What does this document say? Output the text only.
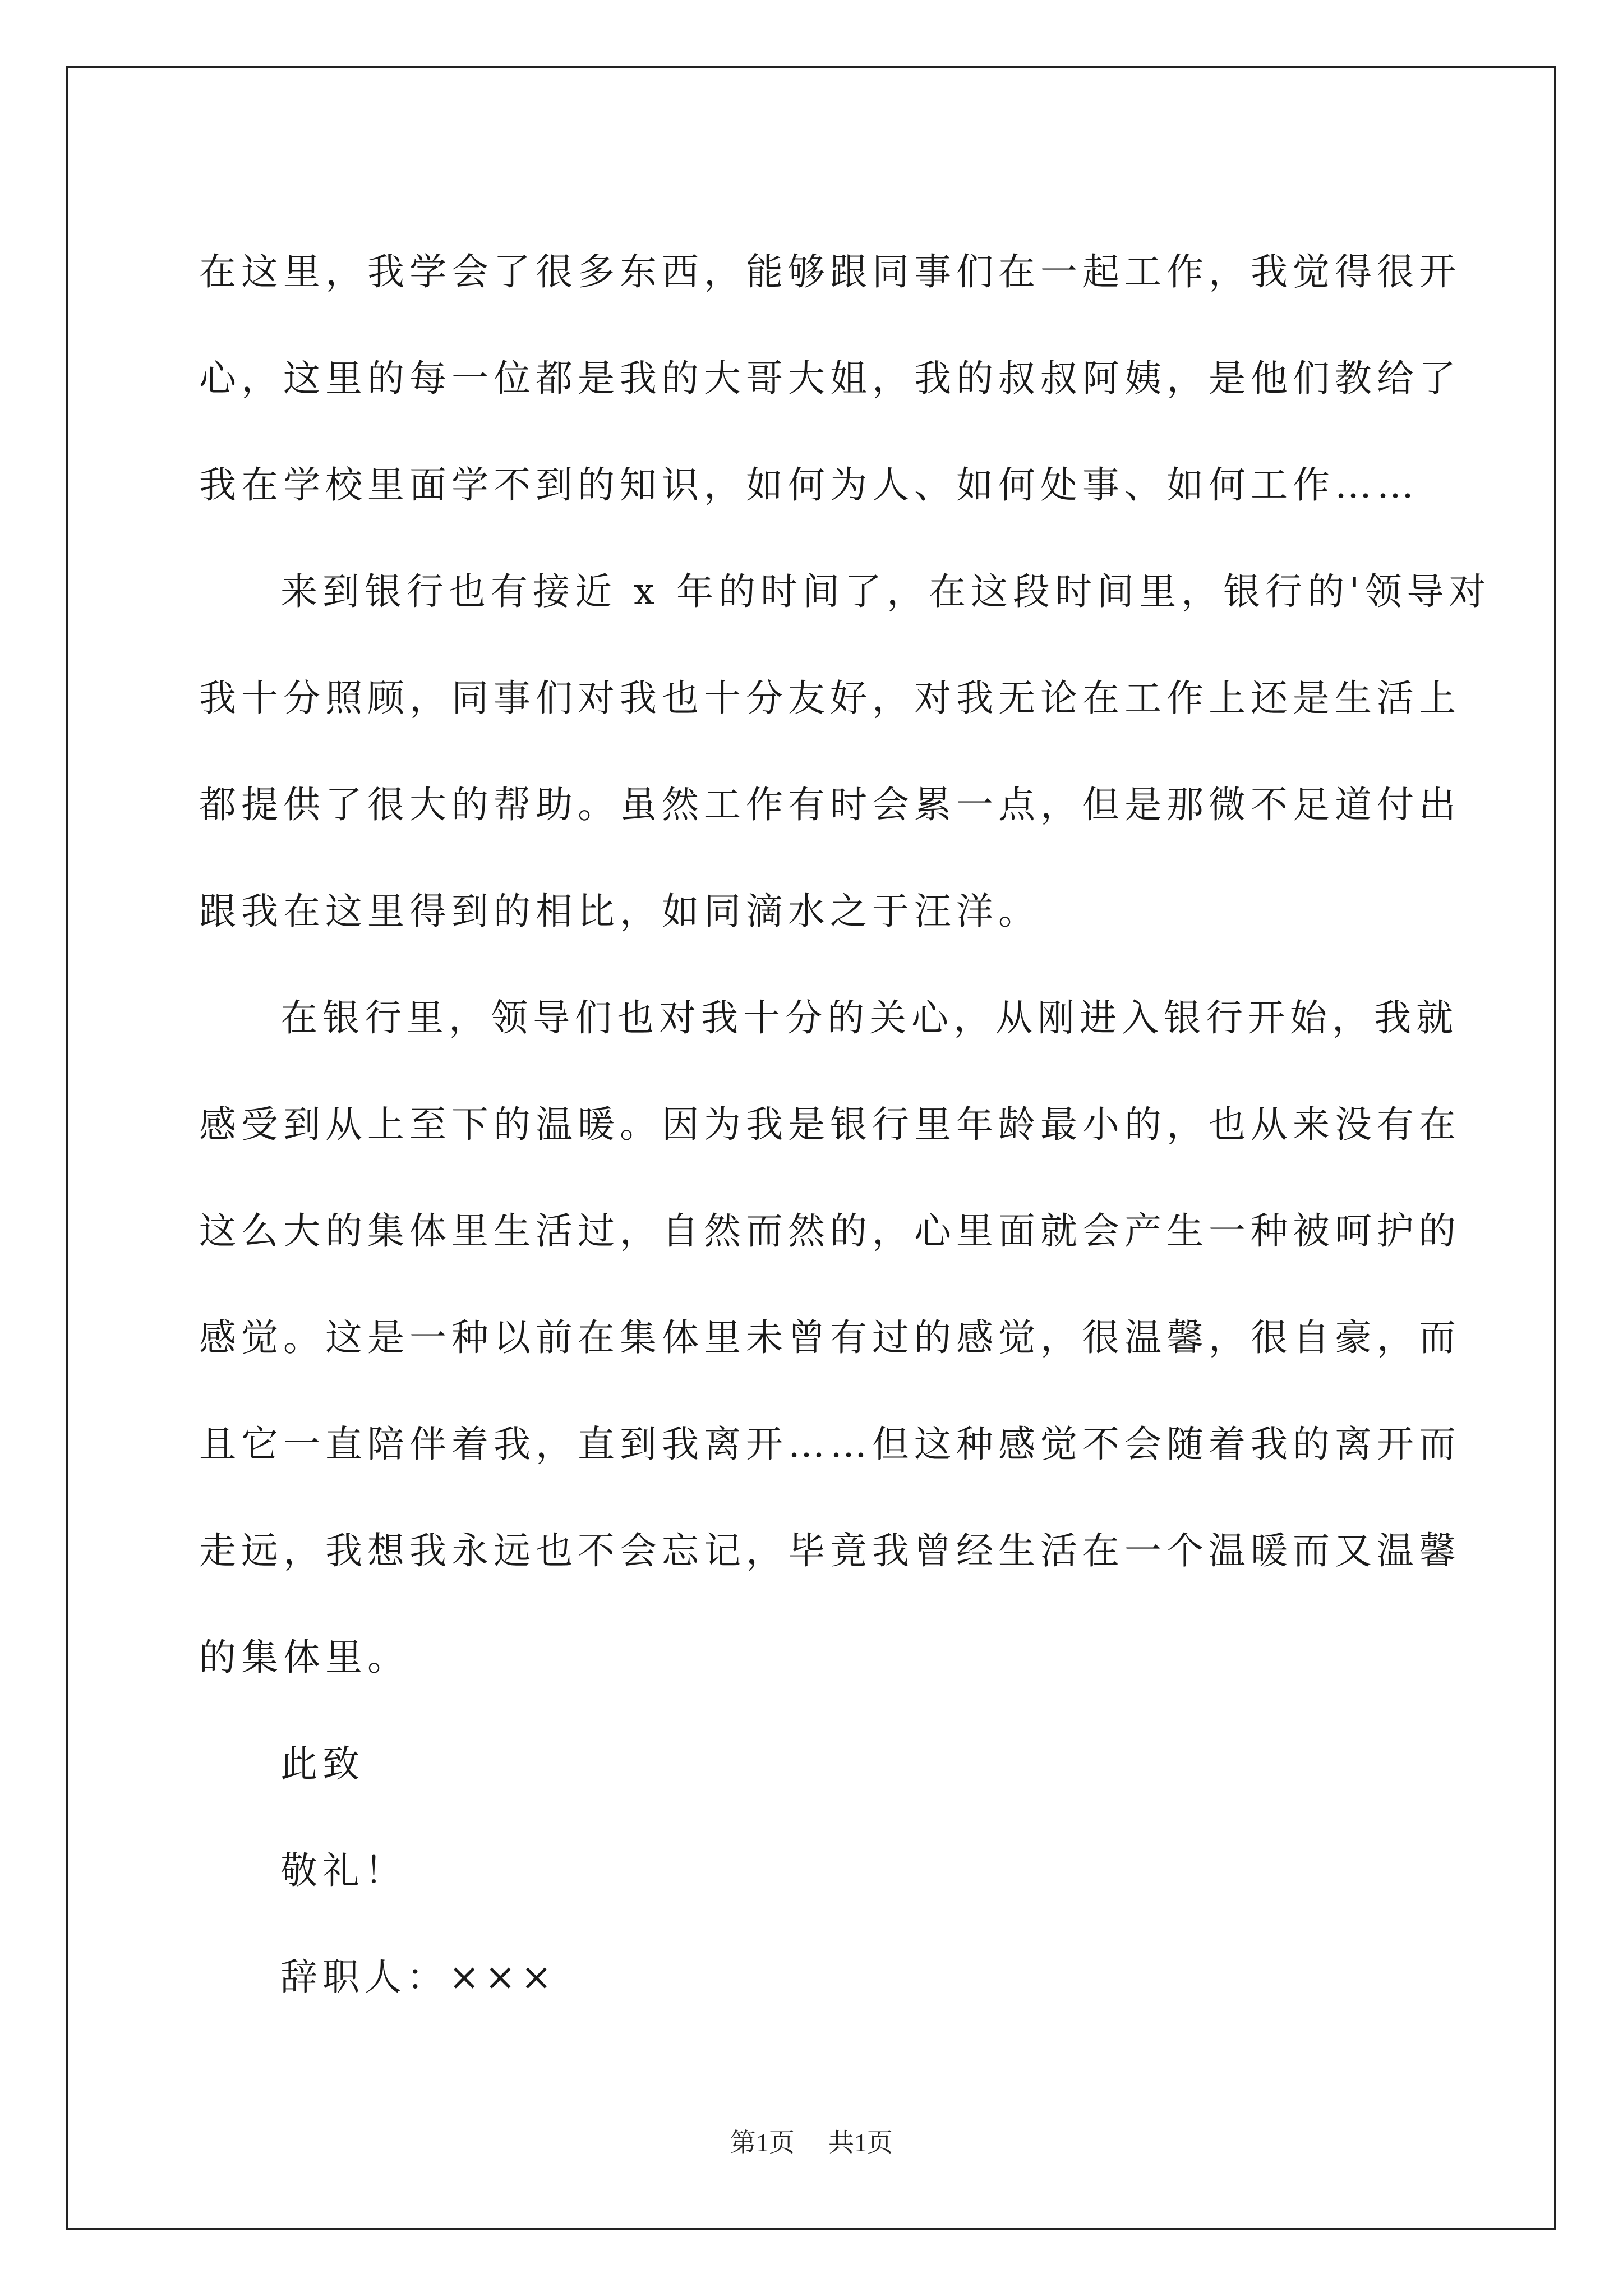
在这里，我学会了很多东西，能够跟同事们在一起工作，我觉得很开
心，这里的每一位都是我的大哥大姐，我的叔叔阿姨，是他们教给了
我在学校里面学不到的知识，如何为人、如何处事、如何工作……
来到银行也有接近 x 年的时间了，在这段时间里，银行的'领导对
我十分照顾，同事们对我也十分友好，对我无论在工作上还是生活上
都提供了很大的帮助。虽然工作有时会累一点，但是那微不足道付出
跟我在这里得到的相比，如同滴水之于汪洋。
在银行里，领导们也对我十分的关心，从刚进入银行开始，我就
感受到从上至下的温暖。因为我是银行里年龄最小的，也从来没有在
这么大的集体里生活过，自然而然的，心里面就会产生一种被呵护的
感觉。这是一种以前在集体里未曾有过的感觉，很温馨，很自豪，而
且它一直陪伴着我，直到我离开……但这种感觉不会随着我的离开而
走远，我想我永远也不会忘记，毕竟我曾经生活在一个温暖而又温馨
的集体里。
此致
敬礼！
辞职人：×××
第1页 共1页
